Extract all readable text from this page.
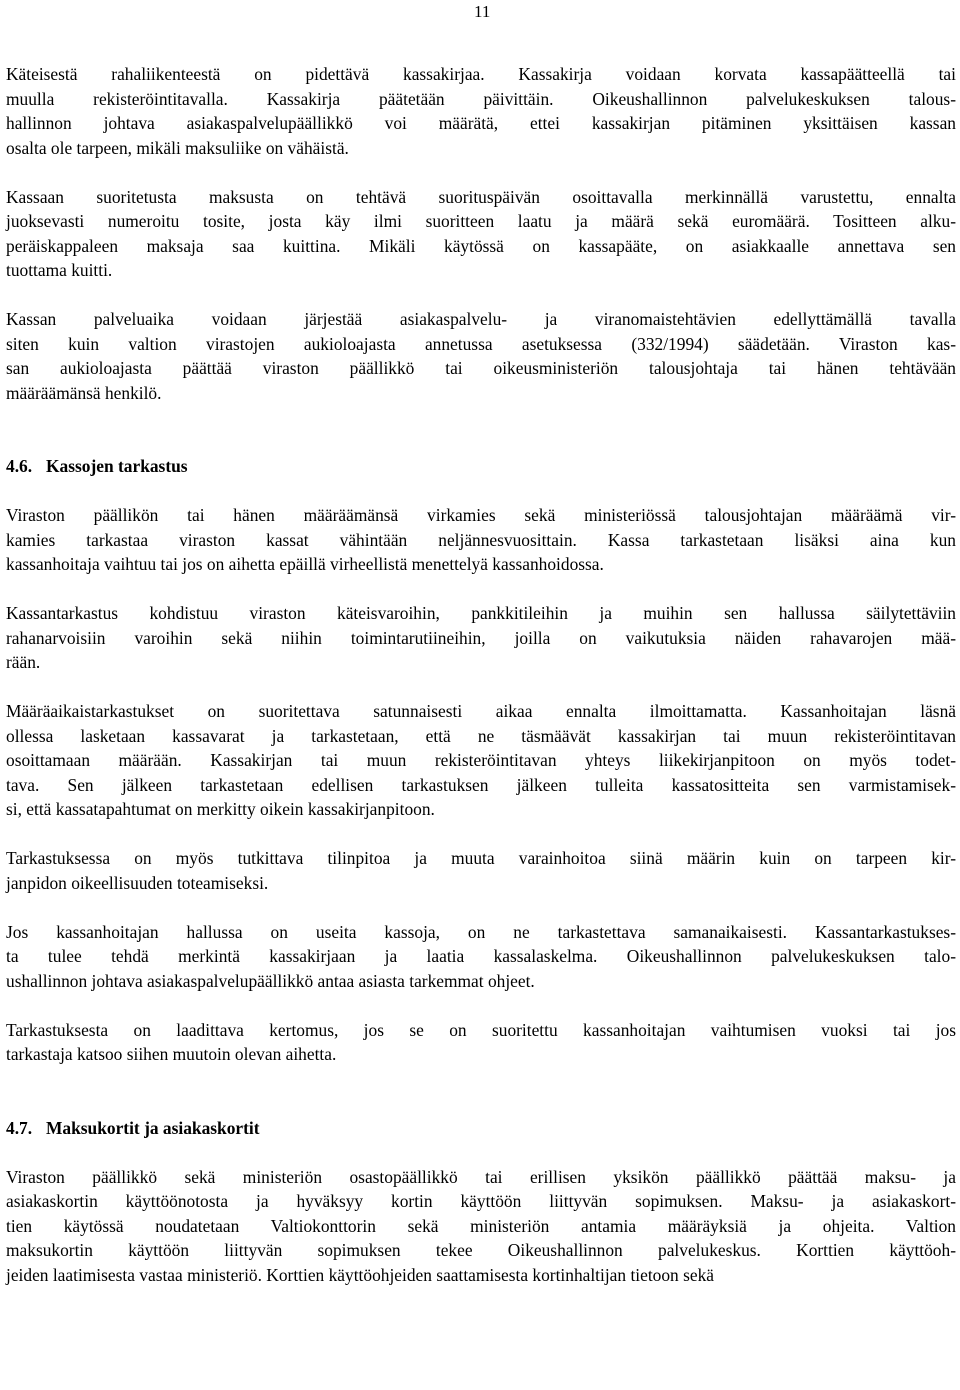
11
Käteisestä rahaliikenteestä on pidettävä kassakirjaa. Kassakirja voidaan korvata kassapäätteellä tai
muulla rekisteröintitavalla. Kassakirja päätetään päivittäin. Oikeushallinnon palvelukeskuksen talous-
hallinnon johtava asiakaspalvelupäällikkö voi määrätä, ettei kassakirjan pitäminen yksittäisen kassan
osalta ole tarpeen, mikäli maksuliike on vähäistä.
Kassaan suoritetusta maksusta on tehtävä suorituspäivän osoittavalla merkinnällä varustettu, ennalta
juoksevasti numeroitu tosite, josta käy ilmi suoritteen laatu ja määrä sekä euromäärä. Tositteen alku-
peräiskappaleen maksaja saa kuittina. Mikäli käytössä on kassapääte, on asiakkaalle annettava sen
tuottama kuitti.
Kassan palveluaika voidaan järjestää asiakaspalvelu- ja viranomaistehtävien edellyttämällä tavalla
siten kuin valtion virastojen aukioloajasta annetussa asetuksessa (332/1994) säädetään. Viraston kas-
san aukioloajasta päättää viraston päällikkö tai oikeusministeriön talousjohtaja tai hänen tehtävään
määräämänsä henkilö.
4.6. Kassojen tarkastus
Viraston päällikön tai hänen määräämänsä virkamies sekä ministeriössä talousjohtajan määräämä vir-
kamies tarkastaa viraston kassat vähintään neljännesvuosittain. Kassa tarkastetaan lisäksi aina kun
kassanhoitaja vaihtuu tai jos on aihetta epäillä virheellistä menettelyä kassanhoidossa.
Kassantarkastus kohdistuu viraston käteisvaroihin, pankkitileihin ja muihin sen hallussa säilytettäviin
rahanarvoisiin varoihin sekä niihin toimintarutiineihin, joilla on vaikutuksia näiden rahavarojen mää-
rään.
Määräaikaistarkastukset on suoritettava satunnaisesti aikaa ennalta ilmoittamatta. Kassanhoitajan läsnä
ollessa lasketaan kassavarat ja tarkastetaan, että ne täsmäävät kassakirjan tai muun rekisteröintitavan
osoittamaan määrään. Kassakirjan tai muun rekisteröintitavan yhteys liikekirjanpitoon on myös todet-
tava. Sen jälkeen tarkastetaan edellisen tarkastuksen jälkeen tulleita kassatositteita sen varmistamisek-
si, että kassatapahtumat on merkitty oikein kassakirjanpitoon.
Tarkastuksessa on myös tutkittava tilinpitoa ja muuta varainhoitoa siinä määrin kuin on tarpeen kir-
janpidon oikeellisuuden toteamiseksi.
Jos kassanhoitajan hallussa on useita kassoja, on ne tarkastettava samanaikaisesti. Kassantarkastukses-
ta tulee tehdä merkintä kassakirjaan ja laatia kassalaskelma. Oikeushallinnon palvelukeskuksen talo-
ushallinnon johtava asiakaspalvelupäällikkö antaa asiasta tarkemmat ohjeet.
Tarkastuksesta on laadittava kertomus, jos se on suoritettu kassanhoitajan vaihtumisen vuoksi tai jos
tarkastaja katsoo siihen muutoin olevan aihetta.
4.7. Maksukortit ja asiakaskortit
Viraston päällikkö sekä ministeriön osastopäällikkö tai erillisen yksikön päällikkö päättää maksu- ja
asiakaskortin käyttöönotosta ja hyväksyy kortin käyttöön liittyvän sopimuksen. Maksu- ja asiakaskort-
tien käytössä noudatetaan Valtiokonttorin sekä ministeriön antamia määräyksiä ja ohjeita. Valtion
maksukortin käyttöön liittyvän sopimuksen tekee Oikeushallinnon palvelukeskus. Korttien käyttöoh-
jeiden laatimisesta vastaa ministeriö. Korttien käyttöohjeiden saattamisesta kortinhaltijan tietoon sekä
